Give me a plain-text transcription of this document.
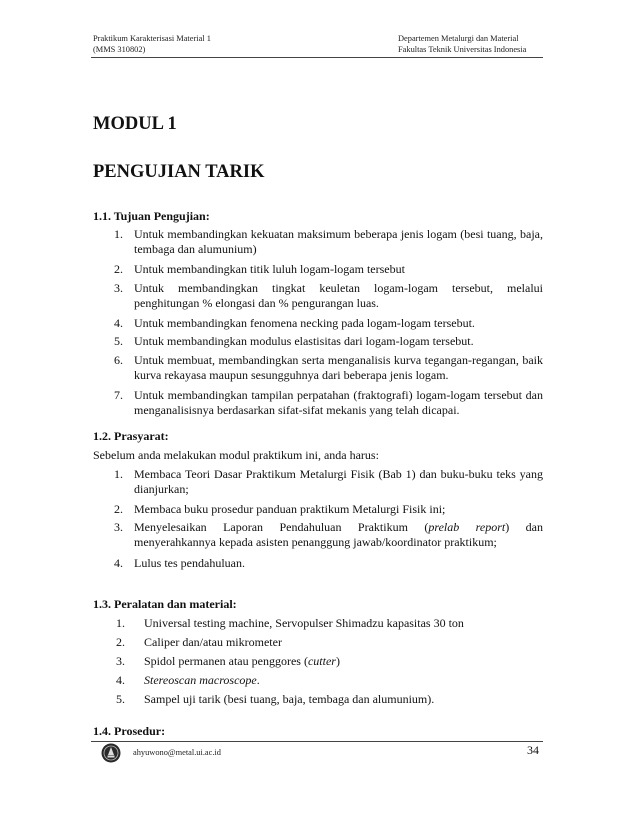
Praktikum Karakterisasi Material 1
(MMS 310802)
Departemen Metalurgi dan Material
Fakultas Teknik Universitas Indonesia
MODUL 1
PENGUJIAN TARIK
1.1. Tujuan Pengujian:
1. Untuk membandingkan kekuatan maksimum beberapa jenis logam (besi tuang, baja, tembaga dan alumunium)
2. Untuk membandingkan titik luluh logam-logam tersebut
3. Untuk membandingkan tingkat keuletan logam-logam tersebut, melalui penghitungan % elongasi dan % pengurangan luas.
4. Untuk membandingkan fenomena necking pada logam-logam tersebut.
5. Untuk membandingkan modulus elastisitas dari logam-logam tersebut.
6. Untuk membuat, membandingkan serta menganalisis kurva tegangan-regangan, baik kurva rekayasa maupun sesungguhnya dari beberapa jenis logam.
7. Untuk membandingkan tampilan perpatahan (fraktografi) logam-logam tersebut dan menganalisisnya berdasarkan sifat-sifat mekanis yang telah dicapai.
1.2. Prasyarat:
Sebelum anda melakukan modul praktikum ini, anda harus:
1. Membaca Teori Dasar Praktikum Metalurgi Fisik (Bab 1) dan buku-buku teks yang dianjurkan;
2. Membaca buku prosedur panduan praktikum Metalurgi Fisik ini;
3. Menyelesaikan Laporan Pendahuluan Praktikum (prelab report) dan menyerahkannya kepada asisten penanggung jawab/koordinator praktikum;
4. Lulus tes pendahuluan.
1.3. Peralatan dan material:
1. Universal testing machine, Servopulser Shimadzu kapasitas 30 ton
2. Caliper dan/atau mikrometer
3. Spidol permanen atau penggores (cutter)
4. Stereoscan macroscope.
5. Sampel uji tarik (besi tuang, baja, tembaga dan alumunium).
1.4. Prosedur:
ahyuwono@metal.ui.ac.id	34
